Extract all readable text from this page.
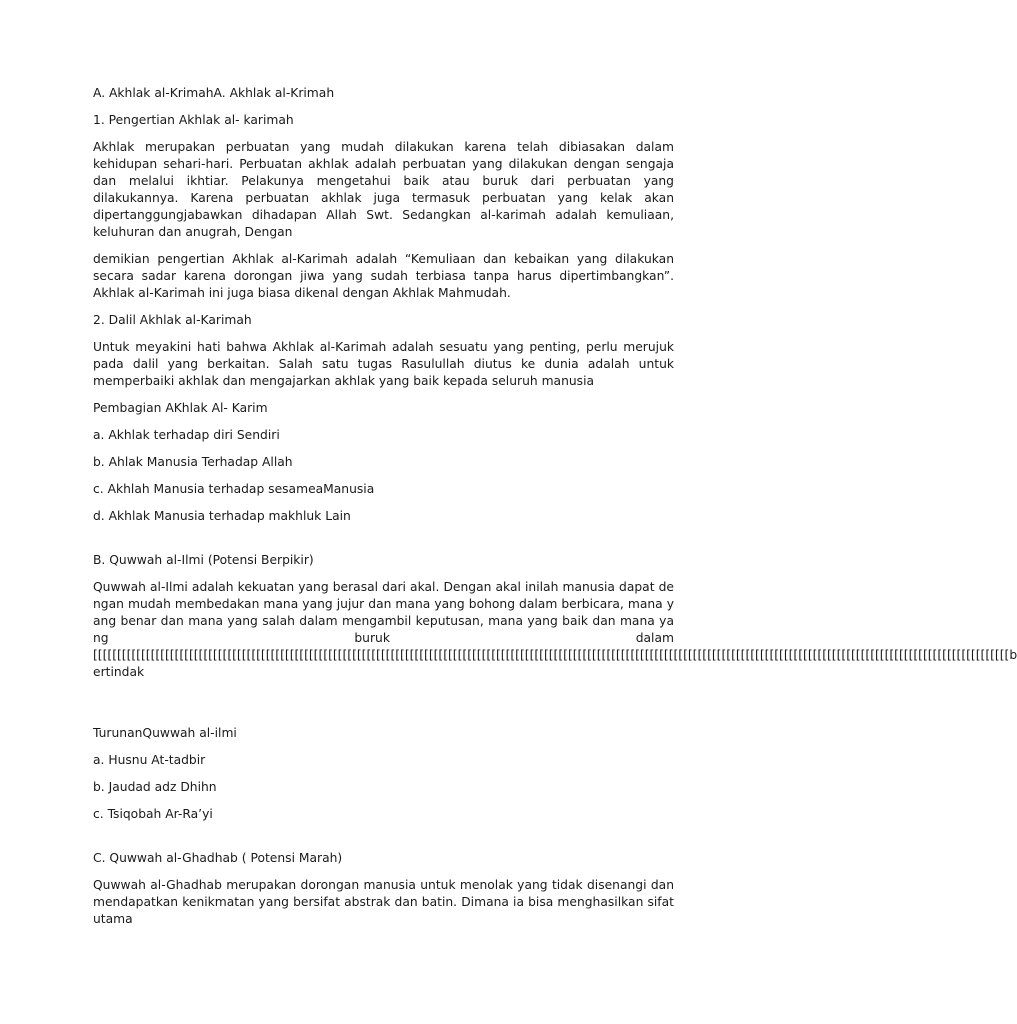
A. Akhlak al-KrimahA. Akhlak al-Krimah

1. Pengertian Akhlak al- karimah

Akhlak merupakan perbuatan yang mudah dilakukan karena telah dibiasakan dalam kehidupan sehari-hari. Perbuatan akhlak adalah perbuatan yang dilakukan dengan sengaja dan melalui ikhtiar. Pelakunya mengetahui baik atau buruk dari perbuatan yang dilakukannya. Karena perbuatan akhlak juga termasuk perbuatan yang kelak akan dipertanggungjabawkan dihadapan Allah Swt. Sedangkan al-karimah adalah kemuliaan, keluhuran dan anugrah, Dengan

demikian pengertian Akhlak al-Karimah adalah “Kemuliaan dan kebaikan yang dilakukan secara sadar karena dorongan jiwa yang sudah terbiasa tanpa harus dipertimbangkan”. Akhlak al-Karimah ini juga biasa dikenal dengan Akhlak Mahmudah.

2. Dalil Akhlak al-Karimah

Untuk meyakini hati bahwa Akhlak al-Karimah adalah sesuatu yang penting, perlu merujuk pada dalil yang berkaitan. Salah satu tugas Rasulullah diutus ke dunia adalah untuk memperbaiki akhlak dan mengajarkan akhlak yang baik kepada seluruh manusia

Pembagian AKhlak Al- Karim

a. Akhlak terhadap diri Sendiri

b. Ahlak Manusia Terhadap Allah

c. Akhlah Manusia terhadap sesameaManusia

d. Akhlak Manusia terhadap makhluk Lain

B. Quwwah al-Ilmi (Potensi Berpikir)

Quwwah al-Ilmi adalah kekuatan yang berasal dari akal. Dengan akal inilah manusia dapat dengan mudah membedakan mana yang jujur dan mana yang bohong dalam berbicara, mana yang benar dan mana yang salah dalam mengambil keputusan, mana yang baik dan mana yang buruk dalam[[[[[[[[[[[[[[[[[[[[[[[[[[[[[[[[[[[[[[[[[[[[[[[[[[[[[[[[[[[[[[[[[[[[[[[[[[[[[[[[[[[[[[[[[[[[[[[[[[[[[[[[[[[[[[[[[[[[[[[[[[[[[[[[[[[[[[[[[[[[[[[[[[[[[[[[[[[[[[[[[[[[[[[[[[[[[[[[[[[[[[[[[[[[[[[bertindak

TurunanQuwwah al-ilmi

a. Husnu At-tadbir

b. Jaudad adz Dhihn

c. Tsiqobah Ar-Ra’yi

C. Quwwah al-Ghadhab ( Potensi Marah)

Quwwah al-Ghadhab merupakan dorongan manusia untuk menolak yang tidak disenangi dan mendapatkan kenikmatan yang bersifat abstrak dan batin. Dimana ia bisa menghasilkan sifat utama
